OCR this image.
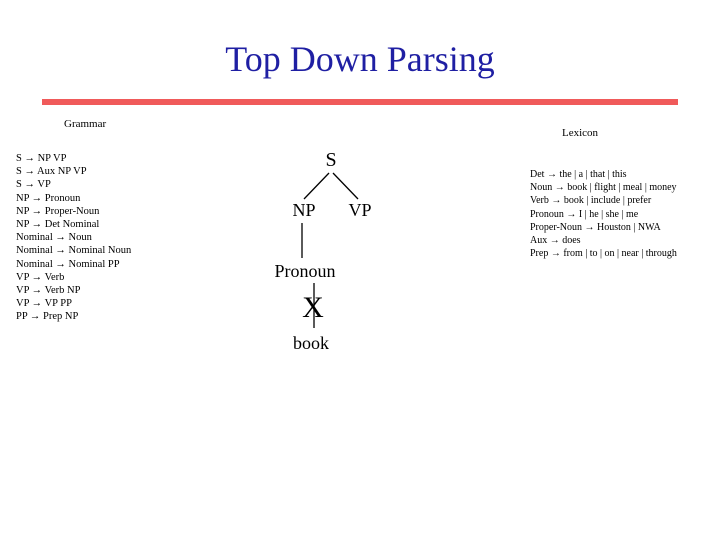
Top Down Parsing
Grammar
S → NP VP
S → Aux NP VP
S → VP
NP → Pronoun
NP → Proper-Noun
NP → Det Nominal
Nominal → Noun
Nominal → Nominal Noun
Nominal → Nominal PP
VP → Verb
VP → Verb NP
VP → VP PP
PP → Prep NP
Lexicon
Det → the | a | that | this
Noun → book | flight | meal | money
Verb → book | include | prefer
Pronoun → I | he | she | me
Proper-Noun → Houston | NWA
Aux → does
Prep → from | to | on | near | through
S
NP VP
Pronoun
X
book
